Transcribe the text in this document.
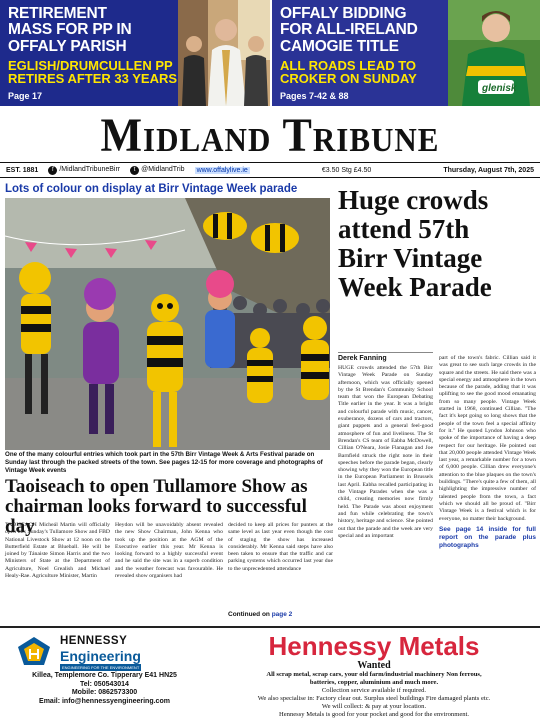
RETIREMENT
MASS FOR PP IN
OFFALY PARISH
EGLISH/DRUMCULLEN PP
RETIRES AFTER 33 YEARS
Page 17
OFFALY BIDDING
FOR ALL-IRELAND
CAMOGIE TITLE
ALL ROADS LEAD TO
CROKER ON SUNDAY
Pages 7-42 & 88
glenisk
Midland Tribune
EST. 1881	f /MidlandTribuneBirr	t @MidlandTrib www.offalylive.ie	€3.50 Stg £4.50	Thursday, August 7th, 2025
Lots of colour on display at Birr Vintage Week parade
One of the many colourful entries which took part in the 57th Birr Vintage Week & Arts Festival parade on Sunday last through the packed streets of the town. See pages 12-15 for more coverage and photographs of Vintage Week events
Huge crowds
attend 57th
Birr Vintage
Week Parade
Derek Fanning
HUGE crowds attended the 57th Birr Vintage Week Parade on Sunday afternoon, which was officially opened by the St Brendan's Community School team that won the European Debating Title earlier in the year. It was a bright and colourful parade with music, cancer, exuberance, dozens of cars and tractors, giant puppets and a general feel-good atmosphere of fun and liveliness. The St Brendan's CS team of Eabha McDowell, Cillian O'Neara, Josie Flanagan and Joe Barnfield struck the right note in their speeches before the parade began, clearly showing why they won the European title in the European Parliament in Brussels last April. Eabha recalled participating in the Vintage Parades when she was a child, creating memories now firmly held. The Parade was about enjoyment and fun while celebrating the town's history, heritage and science. She pointed out that the parade and the week are very special and an important
part of the town's fabric. Cillian said it was great to see such large crowds in the square and the streets. He said there was a special energy and atmosphere in the town because of the parade, adding that it was uplifting to see the good mood emanating from so many people. Vintage Week started in 1968, continued Cillian. "The fact it's kept going so long shows that the people of the town feel a special affinity for it." He quoted Lyndon Johnson who spoke of the importance of having a deep respect for our heritage. He pointed out that 20,000 people attended Vintage Week last year, a remarkable number for a town of 6,000 people. Cillian drew everyone's attention to the blue plaques on the town's buildings. "There's quite a few of them, all highlighting the impressive number of talented people from the town, a fact which we should all be proud of. "Birr Vintage Week is a festival which is for everyone, no matter their background.
See page 14 inside for full report on the parade plus photographs
Taoiseach to open Tullamore Show as
chairman looks forward to successful day
TAOISEACH Micheál Martin will officially open this Sunday's Tullamore Show and FBD National Livestock Show at 12 noon on the Butterfield Estate at Blueball. He will be joined by Tánaiste Simon Harris and the two Ministers of State at the Department of Agriculture, Noel Grealish and Michael Healy-Rae. Agriculture Minister, Martin
Heydon will be unavoidably absent revealed the new Show Chairman, John Kenna who took up the position at the AGM of the Executive earlier this year. Mr Kenna is looking forward to a highly successful event and he said the site was in a superb condition and the weather forecast was favourable. He revealed show organisers had
decided to keep all prices for punters at the same level as last year even though the cost of staging the show has increased considerably. Mr Kenna said steps have also been taken to ensure that the traffic and car parking systems which occurred last year due to the unprecedented attendance
Continued on page 2
HENNESSY
Engineering
ENGINEERING FOR THE ENVIRONMENT
Killea, Templemore Co. Tipperary E41 HN25
Tel: 050543014
Mobile: 0862573300
Email: info@hennessyengineering.com
Hennessy Metals
Wanted
All scrap metal, scrap cars, your old farm/industrial machinery Non ferrous,
batteries, copper, aluminium and much more.
Collection service available if required.
We also specialise in: Factory clear out. Surplus steel buildings Fire damaged plants etc.
We will collect: & pay at your location.
Hennessy Metals is good for your pocket and good for the environment.
